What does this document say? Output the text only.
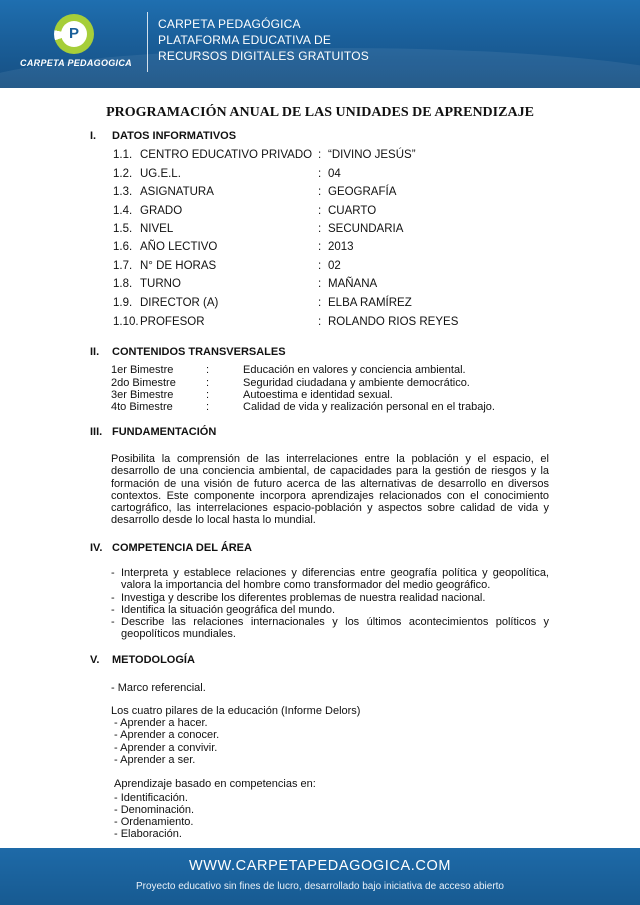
P
CARPETA PEDAGOGICA
CARPETA PEDAGÓGICA
PLATAFORMA EDUCATIVA DE
RECURSOS DIGITALES GRATUITOS
PROGRAMACIÓN ANUAL DE LAS UNIDADES DE APRENDIZAJE
I. DATOS INFORMATIVOS
1.1. CENTRO EDUCATIVO PRIVADO : “DIVINO JESÚS”
1.2. UG.E.L.	: 04
1.3. ASIGNATURA	: GEOGRAFÍA
1.4. GRADO	: CUARTO
1.5. NIVEL	: SECUNDARIA
1.6. AÑO LECTIVO	: 2013
1.7. N° DE HORAS	: 02
1.8. TURNO	: MAÑANA
1.9. DIRECTOR (A)	: ELBA RAMÍREZ
1.10. PROFESOR	: ROLANDO RIOS REYES
II. CONTENIDOS TRANSVERSALES
1er Bimestre	:	Educación en valores y conciencia ambiental.
2do Bimestre	:	Seguridad ciudadana y ambiente democrático.
3er Bimestre	:	Autoestima e identidad sexual.
4to Bimestre	:	Calidad de vida y realización personal en el trabajo.
III. FUNDAMENTACIÓN
Posibilita la comprensión de las interrelaciones entre la población y el espacio, el desarrollo de una conciencia ambiental, de capacidades para la gestión de riesgos y la formación de una visión de futuro acerca de las alternativas de desarrollo en diversos contextos. Este componente incorpora aprendizajes relacionados con el conocimiento cartográfico, las interrelaciones espacio-población y aspectos sobre calidad de vida y desarrollo desde lo local hasta lo mundial.
IV. COMPETENCIA DEL ÁREA
- Interpreta y establece relaciones y diferencias entre geografía política y geopolítica, valora la importancia del hombre como transformador del medio geográfico.
- Investiga y describe los diferentes problemas de nuestra realidad nacional.
- Identifica la situación geográfica del mundo.
- Describe las relaciones internacionales y los últimos acontecimientos políticos y geopolíticos mundiales.
V. METODOLOGÍA
- Marco referencial.
Los cuatro pilares de la educación (Informe Delors)
- Aprender a hacer.
- Aprender a conocer.
- Aprender a convivir.
- Aprender a ser.
Aprendizaje basado en competencias en:
- Identificación.
- Denominación.
- Ordenamiento.
- Elaboración.
WWW.CARPETAPEDAGOGICA.COM
Proyecto educativo sin fines de lucro, desarrollado bajo iniciativa de acceso abierto
